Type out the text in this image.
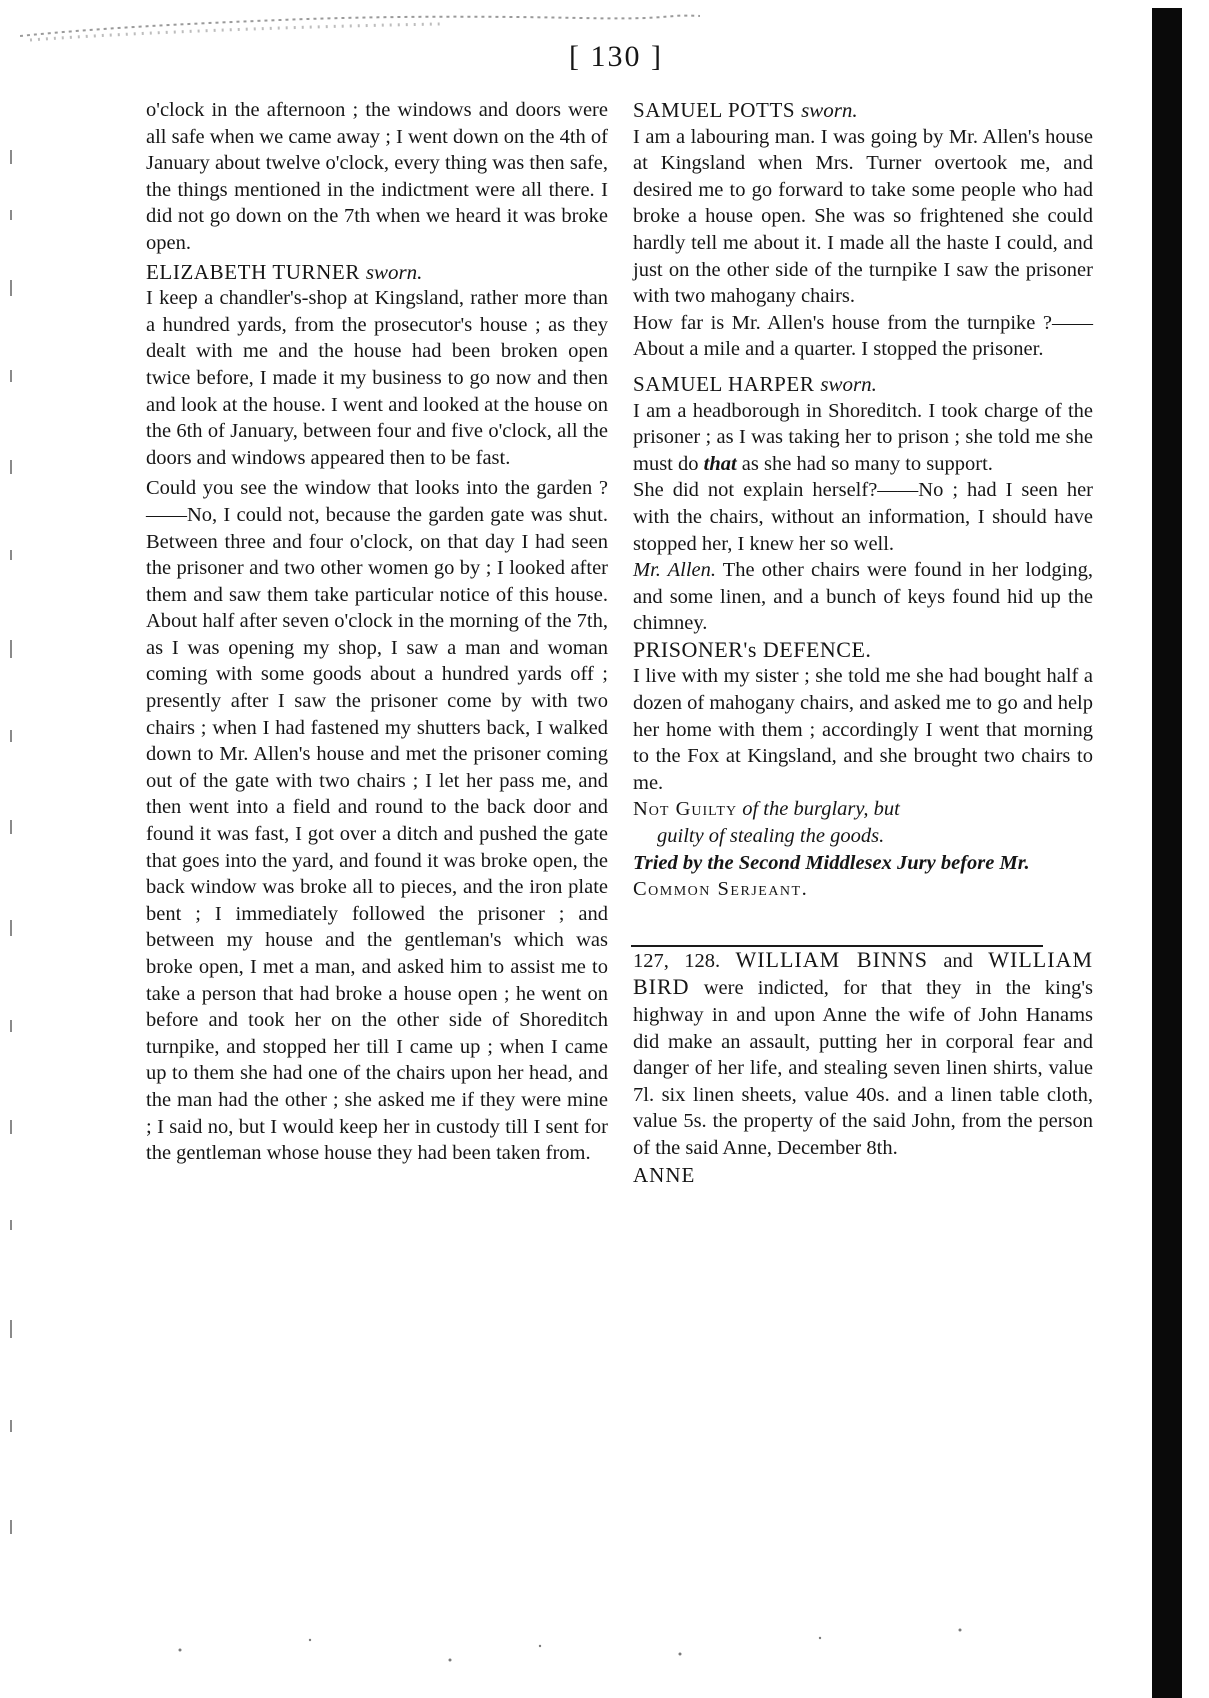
[ 130 ]

o'clock in the afternoon ; the windows and doors were all safe when we came away ; I went down on the 4th of January about twelve o'clock, every thing was then safe, the things mentioned in the indictment were all there. I did not go down on the 7th when we heard it was broke open.

ELIZABETH TURNER sworn.

I keep a chandler's-shop at Kingsland, rather more than a hundred yards, from the prosecutor's house ; as they dealt with me and the house had been broken open twice before, I made it my business to go now and then and look at the house. I went and looked at the house on the 6th of January, between four and five o'clock, all the doors and windows appeared then to be fast.

Could you see the window that looks into the garden ?——No, I could not, because the garden gate was shut. Between three and four o'clock, on that day I had seen the prisoner and two other women go by ; I looked after them and saw them take particular notice of this house. About half after seven o'clock in the morning of the 7th, as I was opening my shop, I saw a man and woman coming with some goods about a hundred yards off ; presently after I saw the prisoner come by with two chairs ; when I had fastened my shutters back, I walked down to Mr. Allen's house and met the prisoner coming out of the gate with two chairs ; I let her pass me, and then went into a field and round to the back door and found it was fast, I got over a ditch and pushed the gate that goes into the yard, and found it was broke open, the back window was broke all to pieces, and the iron plate bent ; I immediately followed the prisoner ; and between my house and the gentleman's which was broke open, I met a man, and asked him to assist me to take a person that had broke a house open ; he went on before and took her on the other side of Shoreditch turnpike, and stopped her till I came up ; when I came up to them she had one of the chairs upon her head, and the man had the other ; she asked me if they were mine ; I said no, but I would keep her in custody till I sent for the gentleman whose house they had been taken from.

SAMUEL POTTS sworn.

I am a labouring man. I was going by Mr. Allen's house at Kingsland when Mrs. Turner overtook me, and desired me to go forward to take some people who had broke a house open. She was so frightened she could hardly tell me about it. I made all the haste I could, and just on the other side of the turnpike I saw the prisoner with two mahogany chairs.

How far is Mr. Allen's house from the turnpike ?——About a mile and a quarter. I stopped the prisoner.

SAMUEL HARPER sworn.

I am a headborough in Shoreditch. I took charge of the prisoner ; as I was taking her to prison ; she told me she must do that as she had so many to support.

She did not explain herself?——No ; had I seen her with the chairs, without an information, I should have stopped her, I knew her so well.

Mr. Allen. The other chairs were found in her lodging, and some linen, and a bunch of keys found hid up the chimney.

PRISONER's DEFENCE.

I live with my sister ; she told me she had bought half a dozen of mahogany chairs, and asked me to go and help her home with them ; accordingly I went that morning to the Fox at Kingsland, and she brought two chairs to me.

Not Guilty of the burglary, but
guilty of stealing the goods.

Tried by the Second Middlesex Jury before Mr.
Common Serjeant.

127, 128. WILLIAM BINNS and WILLIAM BIRD were indicted, for that they in the king's highway in and upon Anne the wife of John Hanams did make an assault, putting her in corporal fear and danger of her life, and stealing seven linen shirts, value 7l. six linen sheets, value 40s. and a linen table cloth, value 5s. the property of the said John, from the person of the said Anne, December 8th.

ANNE
